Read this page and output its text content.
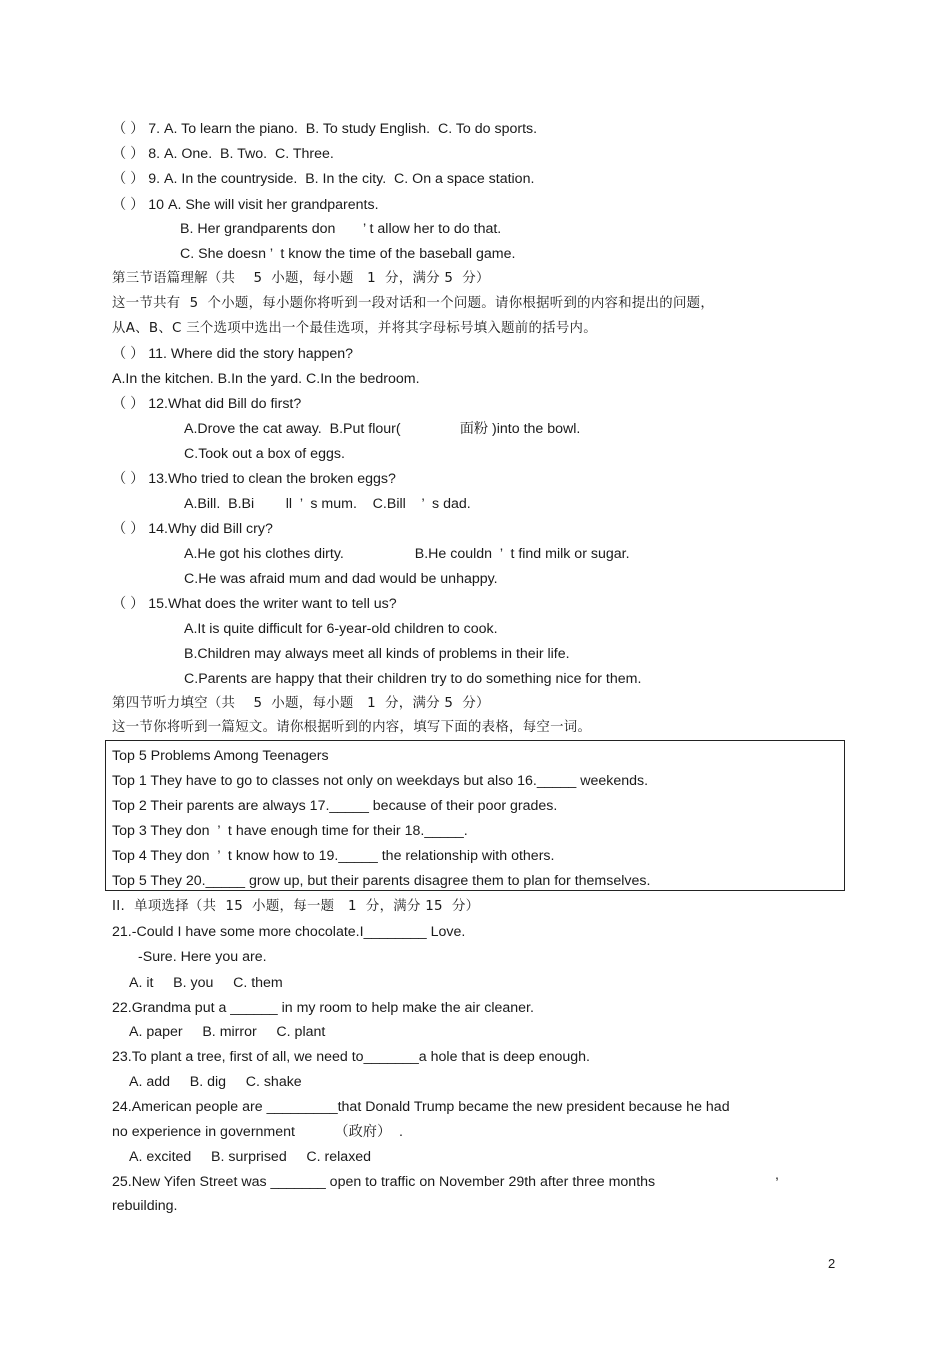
（ ） 7. A. To learn the piano.  B. To study English.  C. To do sports.
（ ） 8. A. One.  B. Two.  C. Three.
（ ） 9. A. In the countryside.  B. In the city.  C. On a space station.
（ ） 10 A. She will visit her grandparents.
B. Her grandparents don       ’ t allow her to do that.
C. She doesn ’  t know the time of the baseball game.
第三节语篇理解（共    5  小题，每小题   1  分，满分 5  分）
这一节共有  5  个小题，每小题你将听到一段对话和一个问题。请你根据听到的内容和提出的问题，
从A、B、C 三个选项中选出一个最佳选项，并将其字母标号填入题前的括号内。
（ ） 11. Where did the story happen?
A.In the kitchen. B.In the yard. C.In the bedroom.
（ ） 12.What did Bill do first?
A.Drove the cat away.  B.Put flour(               面粉 )into the bowl.
C.Took out a box of eggs.
（ ） 13.Who tried to clean the broken eggs?
A.Bill.  B.Bi        ll  ’  s mum.    C.Bill    ’  s dad.
（ ） 14.Why did Bill cry?
A.He got his clothes dirty.                  B.He couldn  ’  t find milk or sugar.
C.He was afraid mum and dad would be unhappy.
（ ） 15.What does the writer want to tell us?
A.It is quite difficult for 6-year-old children to cook.
B.Children may always meet all kinds of problems in their life.
C.Parents are happy that their children try to do something nice for them.
第四节听力填空（共    5  小题，每小题   1  分，满分 5  分）
这一节你将听到一篇短文。请你根据听到的内容，填写下面的表格，每空一词。
Top 5 Problems Among Teenagers
Top 1 They have to go to classes not only on weekdays but also 16._____ weekends.
Top 2 Their parents are always 17._____ because of their poor grades.
Top 3 They don  ’  t have enough time for their 18._____.
Top 4 They don  ’  t know how to 19._____ the relationship with others.
Top 5 They 20._____ grow up, but their parents disagree them to plan for themselves.
II.  单项选择（共  15  小题，每一题   1  分，满分 15  分）
21.-Could I have some more chocolate.I________ Love.
-Sure. Here you are.
A. it     B. you     C. them
22.Grandma put a ______ in my room to help make the air cleaner.
A. paper     B. mirror     C. plant
23.To plant a tree, first of all, we need to_______a hole that is deep enough.
A. add     B. dig     C. shake
24.American people are _________that Donald Trump became the new president because he had
no experience in government          （政府）  .
A. excited     B. surprised     C. relaxed
25.New Yifen Street was _______ open to traffic on November 29th after three months	,
rebuilding.
2
